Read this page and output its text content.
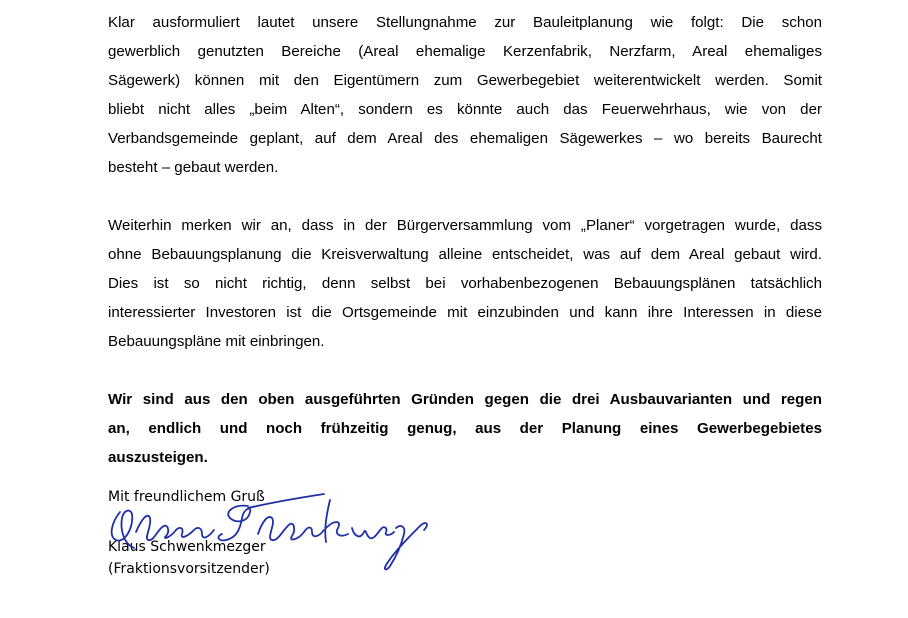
Klar ausformuliert lautet unsere Stellungnahme zur Bauleitplanung wie folgt: Die schon
gewerblich genutzten Bereiche (Areal ehemalige Kerzenfabrik, Nerzfarm, Areal ehemaliges
Sägewerk) können mit den Eigentümern zum Gewerbegebiet weiterentwickelt werden. Somit
bliebt nicht alles „beim Alten“, sondern es könnte auch das Feuerwehrhaus, wie von der
Verbandsgemeinde geplant, auf dem Areal des ehemaligen Sägewerkes – wo bereits Baurecht
besteht – gebaut werden.

Weiterhin merken wir an, dass in der Bürgerversammlung vom „Planer“ vorgetragen wurde, dass
ohne Bebauungsplanung die Kreisverwaltung alleine entscheidet, was auf dem Areal gebaut wird.
Dies ist so nicht richtig, denn selbst bei vorhabenbezogenen Bebauungsplänen tatsächlich
interessierter Investoren ist die Ortsgemeinde mit einzubinden und kann ihre Interessen in diese
Bebauungspläne mit einbringen.

Wir sind aus den oben ausgeführten Gründen gegen die drei Ausbauvarianten und regen
an, endlich und noch frühzeitig genug, aus der Planung eines Gewerbegebietes
auszusteigen.

Mit freundlichem Gruß

Klaus Schwenkmezger

(Fraktionsvorsitzender)
